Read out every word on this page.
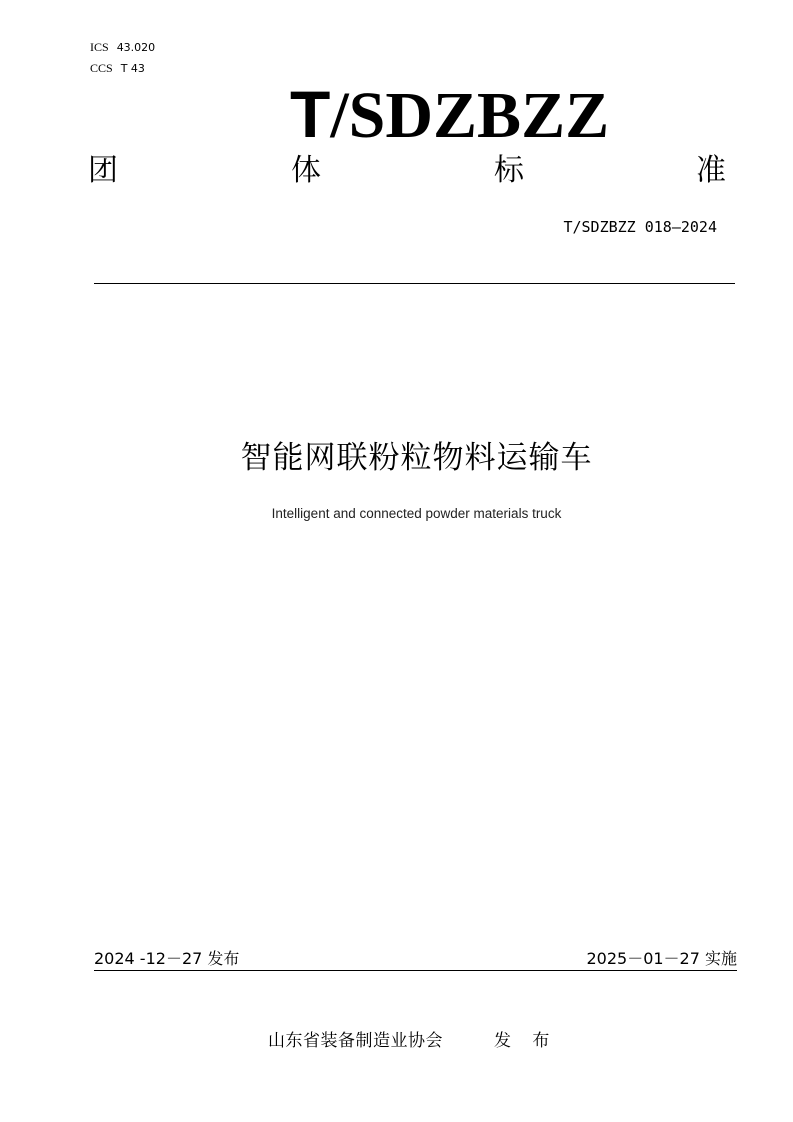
ICS 43.020
CCS T 43
T/SDZBZZ
团	体	标	准
T/SDZBZZ 018—2024
智能网联粉粒物料运输车
Intelligent and connected powder materials truck
2024 -12－27 发布	2025－01－27 实施
山东省装备制造业协会	发 布
